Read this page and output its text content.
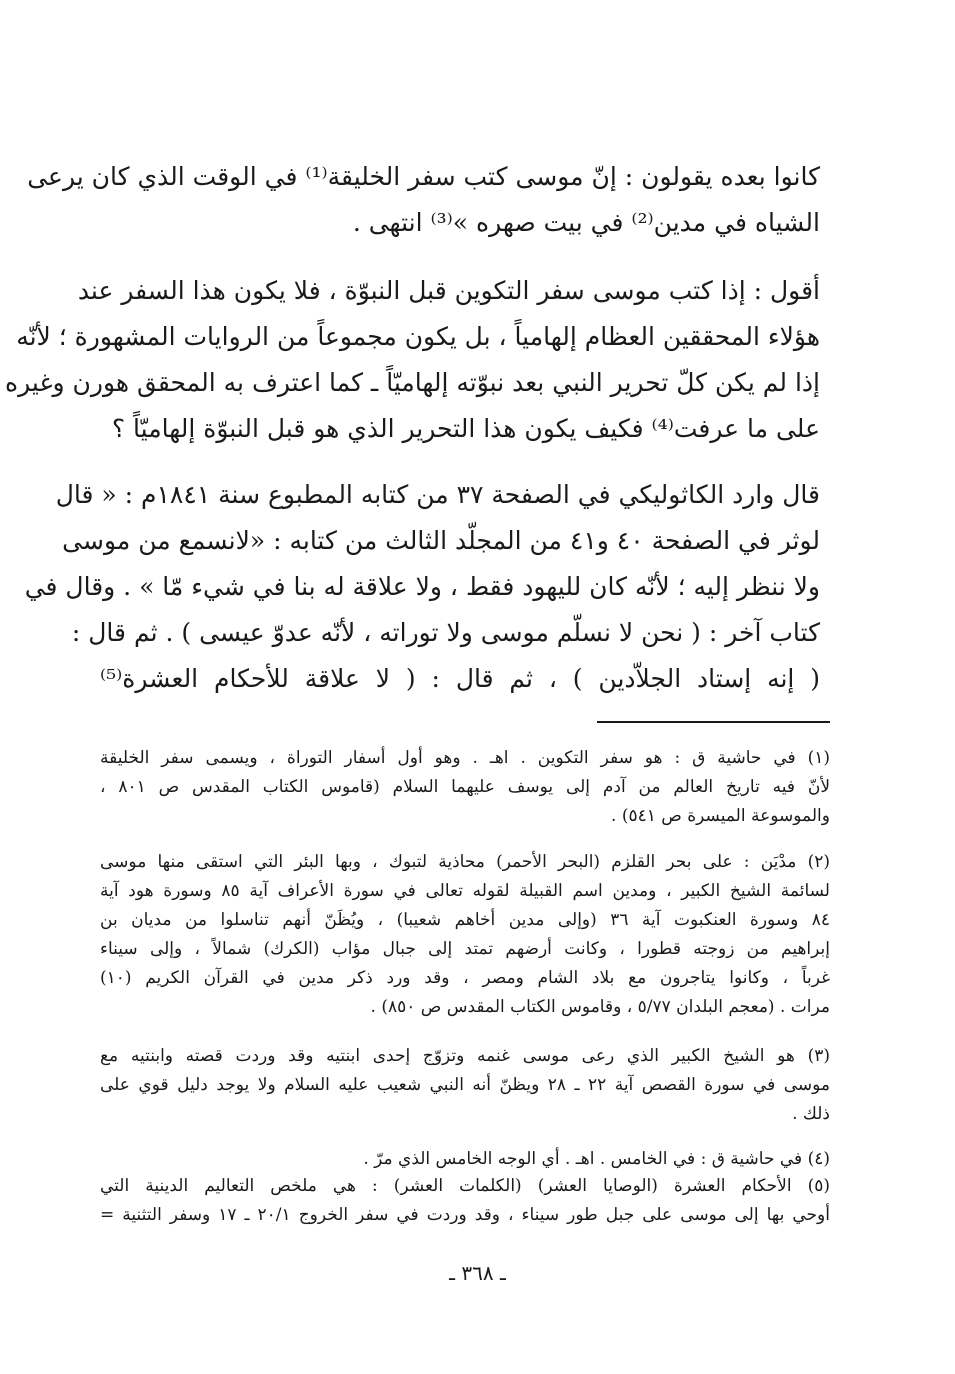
كانوا بعده يقولون : إنّ موسى كتب سفر الخليقة⁽¹⁾ في الوقت الذي كان يرعى
الشياه في مدين⁽²⁾ في بيت صهره »⁽³⁾ انتهى .
أقول : إذا كتب موسى سفر التكوين قبل النبوّة ، فلا يكون هذا السفر عند
هؤلاء المحققين العظام إلهامياً ، بل يكون مجموعاً من الروايات المشهورة ؛ لأنّه
إذا لم يكن كلّ تحرير النبي بعد نبوّته إلهاميّاً ـ كما اعترف به المحقق هورن وغيره
على ما عرفت⁽⁴⁾ فكيف يكون هذا التحرير الذي هو قبل النبوّة إلهاميّاً ؟
قال وارد الكاثوليكي في الصفحة ٣٧ من كتابه المطبوع سنة ١٨٤١م : « قال
لوثر في الصفحة ٤٠ و٤١ من المجلّد الثالث من كتابه : «لانسمع من موسى
ولا ننظر إليه ؛ لأنّه كان لليهود فقط ، ولا علاقة له بنا في شيء مّا » . وقال في
كتاب آخر : ( نحن لا نسلّم موسى ولا توراته ، لأنّه عدوّ عيسى ) . ثم قال :
( إنه إستاد الجلاّدين ) ، ثم قال : ( لا علاقة للأحكام العشرة⁽⁵⁾
(١) في حاشية ق : هو سفر التكوين . اهـ . وهو أول أسفار التوراة ، ويسمى سفر الخليقة
لأنّ فيه تاريخ العالم من آدم إلى يوسف عليهما السلام (قاموس الكتاب المقدس ص ٨٠١ ،
والموسوعة الميسرة ص ٥٤١) .
(٢) مدْيَن : على بحر القلزم (البحر الأحمر) محاذية لتبوك ، وبها البئر التي استقى منها موسى
لسائمة الشيخ الكبير ، ومدين اسم القبيلة لقوله تعالى في سورة الأعراف آية ٨٥ وسورة هود آية
٨٤ وسورة العنكبوت آية ٣٦ (وإلى مدين أخاهم شعيبا) ، ويُظَنّ أنهم تناسلوا من مديان بن
إبراهيم من زوجته قطورا ، وكانت أرضهم تمتد إلى جبال مؤاب (الكرك) شمالاً ، وإلى سيناء
غرباً ، وكانوا يتاجرون مع بلاد الشام ومصر ، وقد ورد ذكر مدين في القرآن الكريم (١٠)
مرات . (معجم البلدان ٥/٧٧ ، وقاموس الكتاب المقدس ص ٨٥٠) .
(٣) هو الشيخ الكبير الذي رعى موسى غنمه وتزوّج إحدى ابنتيه وقد وردت قصته وابنتيه مع
موسى في سورة القصص آية ٢٢ ـ ٢٨ ويظنّ أنه النبي شعيب عليه السلام ولا يوجد دليل قوي على
ذلك .
(٤) في حاشية ق : في الخامس . اهـ . أي الوجه الخامس الذي مرّ .
(٥) الأحكام العشرة (الوصايا العشر) (الكلمات العشر) : هي ملخص التعاليم الدينية التي
أوحي بها إلى موسى على جبل طور سيناء ، وقد وردت في سفر الخروج ٢٠/١ ـ ١٧ وسفر التثنية =
ـ ٣٦٨ ـ
